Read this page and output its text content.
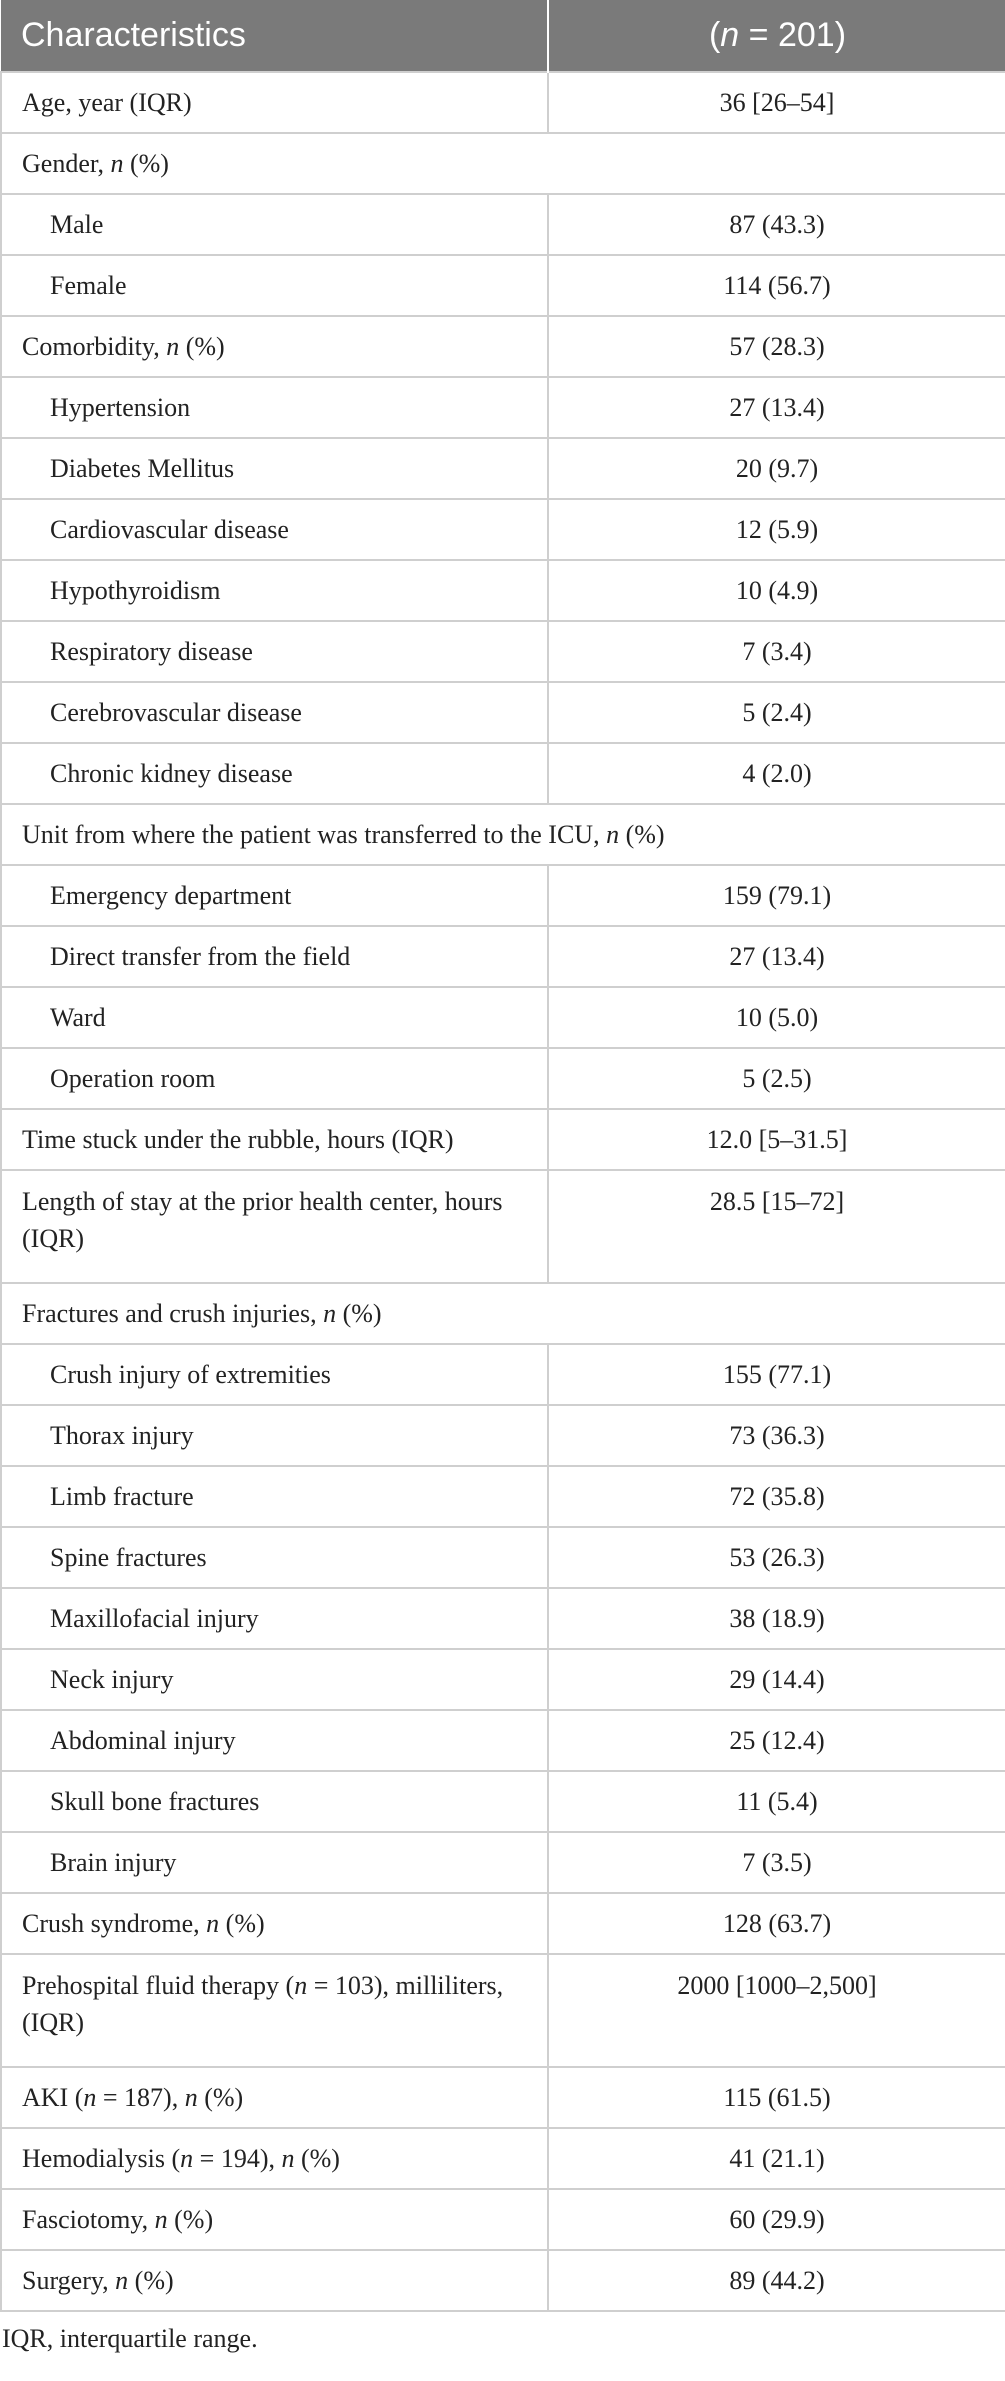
Characteristics	(n = 201)
Age, year (IQR)	36 [26–54]
Gender, n (%)	
Male	87 (43.3)
Female	114 (56.7)
Comorbidity, n (%)	57 (28.3)
Hypertension	27 (13.4)
Diabetes Mellitus	20 (9.7)
Cardiovascular disease	12 (5.9)
Hypothyroidism	10 (4.9)
Respiratory disease	7 (3.4)
Cerebrovascular disease	5 (2.4)
Chronic kidney disease	4 (2.0)
Unit from where the patient was transferred to the ICU, n (%)	
Emergency department	159 (79.1)
Direct transfer from the field	27 (13.4)
Ward	10 (5.0)
Operation room	5 (2.5)
Time stuck under the rubble, hours (IQR)	12.0 [5–31.5]
Length of stay at the prior health center, hours (IQR)	28.5 [15–72]
Fractures and crush injuries, n (%)	
Crush injury of extremities	155 (77.1)
Thorax injury	73 (36.3)
Limb fracture	72 (35.8)
Spine fractures	53 (26.3)
Maxillofacial injury	38 (18.9)
Neck injury	29 (14.4)
Abdominal injury	25 (12.4)
Skull bone fractures	11 (5.4)
Brain injury	7 (3.5)
Crush syndrome, n (%)	128 (63.7)
Prehospital fluid therapy (n = 103), milliliters, (IQR)	2000 [1000–2,500]
AKI (n = 187), n (%)	115 (61.5)
Hemodialysis (n = 194), n (%)	41 (21.1)
Fasciotomy, n (%)	60 (29.9)
Surgery, n (%)	89 (44.2)
IQR, interquartile range.
